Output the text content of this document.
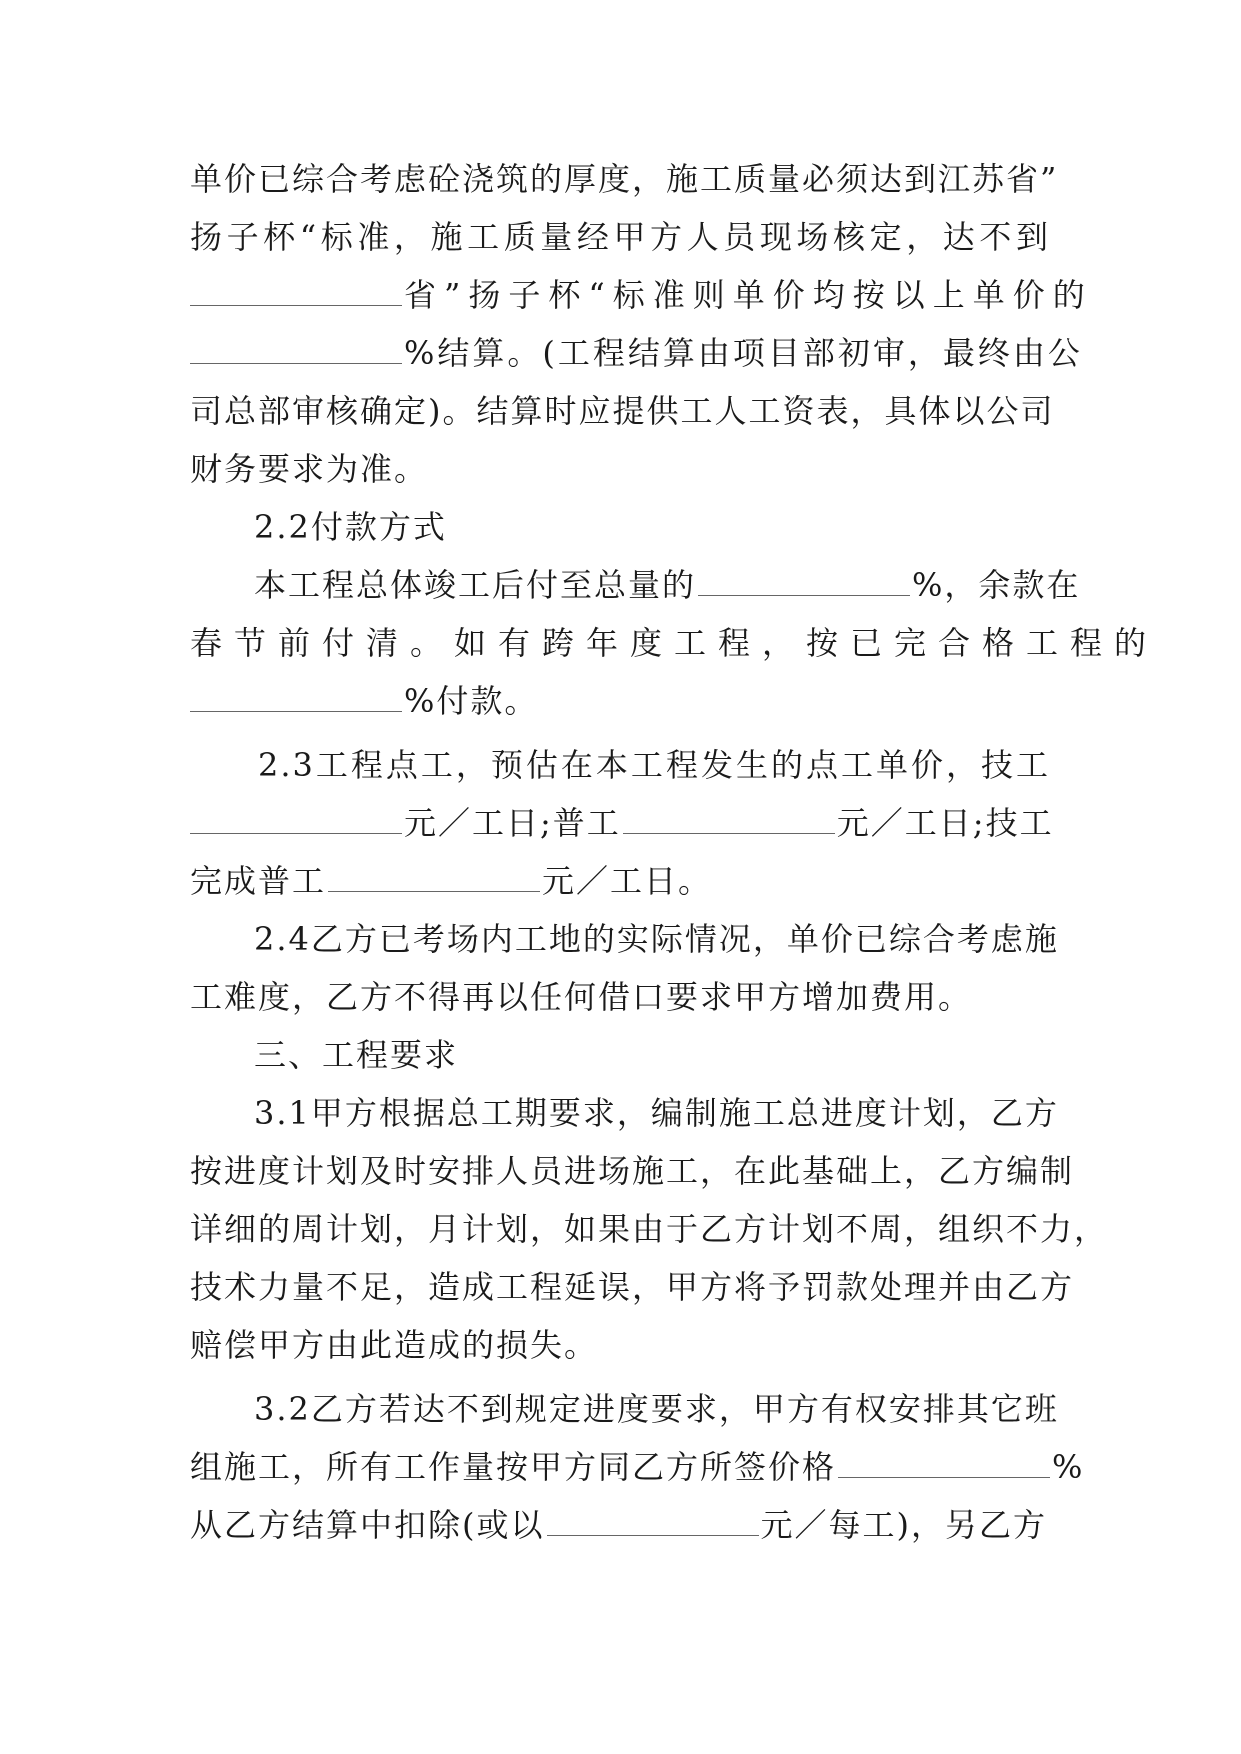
单价已综合考虑砼浇筑的厚度，施工质量必须达到江苏省”
扬子杯“标准，施工质量经甲方人员现场核定，达不到
省”扬子杯“标准则单价均按以上单价的
%结算。(工程结算由项目部初审，最终由公
司总部审核确定)。结算时应提供工人工资表，具体以公司
财务要求为准。
2.2付款方式
本工程总体竣工后付至总量的	%，余款在
春节前付清。如有跨年度工程，按已完合格工程的
%付款。
2.3工程点工，预估在本工程发生的点工单价，技工
元／工日;普工	元／工日;技工
完成普工	元／工日。
2.4乙方已考场内工地的实际情况，单价已综合考虑施
工难度，乙方不得再以任何借口要求甲方增加费用。
三、工程要求
3.1甲方根据总工期要求，编制施工总进度计划，乙方
按进度计划及时安排人员进场施工，在此基础上，乙方编制
详细的周计划，月计划，如果由于乙方计划不周，组织不力，
技术力量不足，造成工程延误，甲方将予罚款处理并由乙方
赔偿甲方由此造成的损失。
3.2乙方若达不到规定进度要求，甲方有权安排其它班
组施工，所有工作量按甲方同乙方所签价格	%
从乙方结算中扣除(或以	元／每工)，另乙方
